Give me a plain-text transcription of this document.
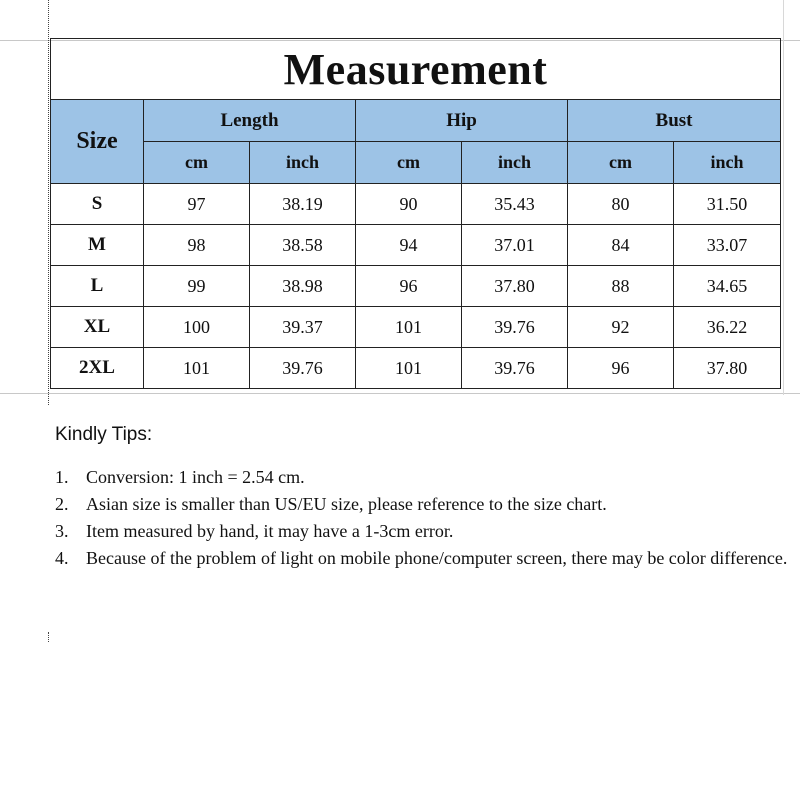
Measurement						
Size	Length		Hip		Bust	
	cm	inch	cm	inch	cm	inch
S	97	38.19	90	35.43	80	31.50
M	98	38.58	94	37.01	84	33.07
L	99	38.98	96	37.80	88	34.65
XL	100	39.37	101	39.76	92	36.22
2XL	101	39.76	101	39.76	96	37.80

Kindly Tips:

1. Conversion: 1 inch = 2.54 cm.
2. Asian size is smaller than US/EU size, please reference to the size chart.
3. Item measured by hand, it may have a 1-3cm error.
4. Because of the problem of light on mobile phone/computer screen, there may be color difference.
